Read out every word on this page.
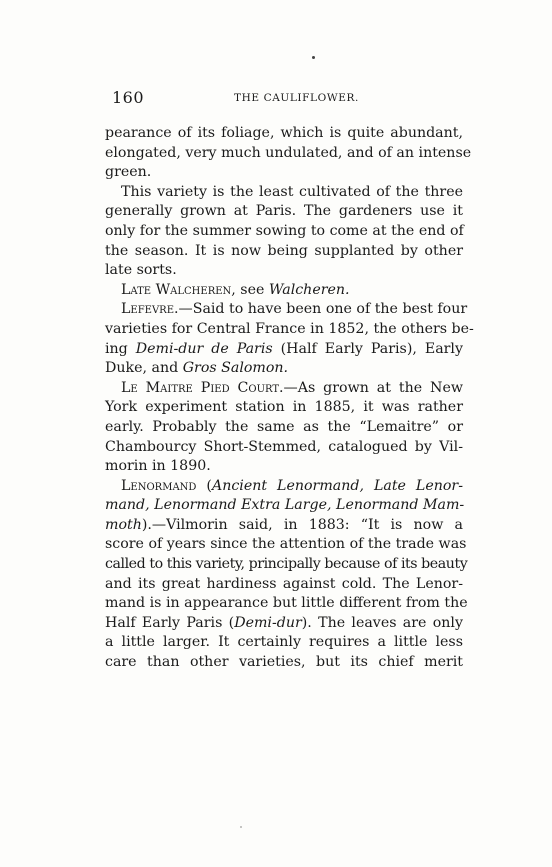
160	THE CAULIFLOWER.
pearance of its foliage, which is quite abundant,
elongated, very much undulated, and of an intense
green.
This variety is the least cultivated of the three
generally grown at Paris. The gardeners use it
only for the summer sowing to come at the end of
the season. It is now being supplanted by other
late sorts.
Late Walcheren, see Walcheren.
Lefevre.—Said to have been one of the best four
varieties for Central France in 1852, the others be-
ing Demi-dur de Paris (Half Early Paris), Early
Duke, and Gros Salomon.
Le Maitre Pied Court.—As grown at the New
York experiment station in 1885, it was rather
early. Probably the same as the “Lemaitre” or
Chambourcy Short-Stemmed, catalogued by Vil-
morin in 1890.
Lenormand (Ancient Lenormand, Late Lenor-
mand, Lenormand Extra Large, Lenormand Mam-
moth).—Vilmorin said, in 1883: “It is now a
score of years since the attention of the trade was
called to this variety, principally because of its beauty
and its great hardiness against cold. The Lenor-
mand is in appearance but little different from the
Half Early Paris (Demi-dur). The leaves are only
a little larger. It certainly requires a little less
care than other varieties, but its chief merit
